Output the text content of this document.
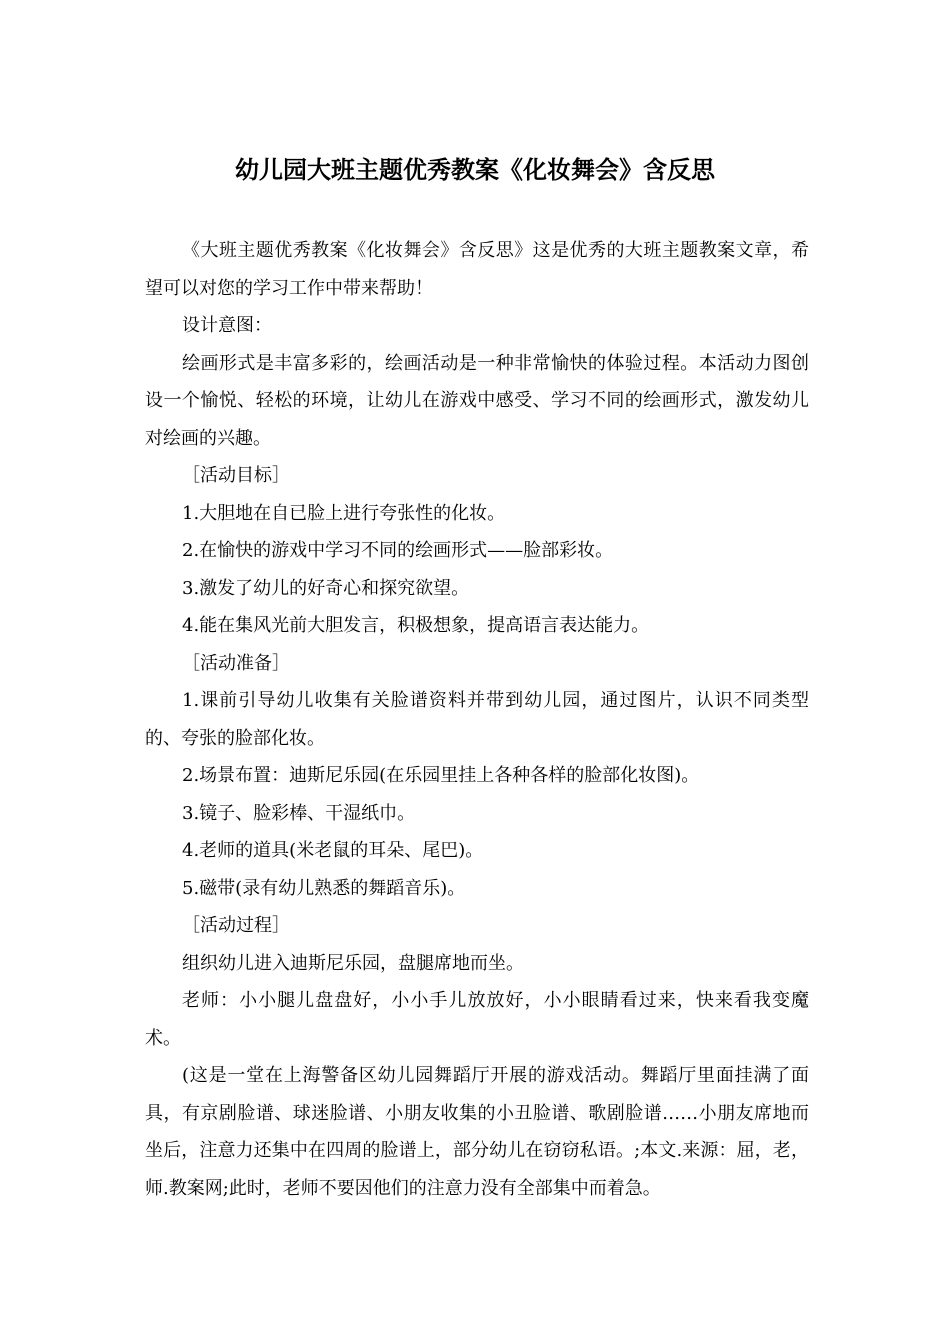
幼儿园大班主题优秀教案《化妆舞会》含反思

《大班主题优秀教案《化妆舞会》含反思》这是优秀的大班主题教案文章，希望可以对您的学习工作中带来帮助！

设计意图：

绘画形式是丰富多彩的，绘画活动是一种非常愉快的体验过程。本活动力图创设一个愉悦、轻松的环境，让幼儿在游戏中感受、学习不同的绘画形式，激发幼儿对绘画的兴趣。

［活动目标］

1.大胆地在自已脸上进行夸张性的化妆。

2.在愉快的游戏中学习不同的绘画形式——脸部彩妆。

3.激发了幼儿的好奇心和探究欲望。

4.能在集风光前大胆发言，积极想象，提高语言表达能力。

［活动准备］

1.课前引导幼儿收集有关脸谱资料并带到幼儿园，通过图片，认识不同类型的、夸张的脸部化妆。

2.场景布置：迪斯尼乐园(在乐园里挂上各种各样的脸部化妆图)。

3.镜子、脸彩棒、干湿纸巾。

4.老师的道具(米老鼠的耳朵、尾巴)。

5.磁带(录有幼儿熟悉的舞蹈音乐)。

［活动过程］

组织幼儿进入迪斯尼乐园，盘腿席地而坐。

老师：小小腿儿盘盘好，小小手儿放放好，小小眼睛看过来，快来看我变魔术。

(这是一堂在上海警备区幼儿园舞蹈厅开展的游戏活动。舞蹈厅里面挂满了面具，有京剧脸谱、球迷脸谱、小朋友收集的小丑脸谱、歌剧脸谱……小朋友席地而坐后，注意力还集中在四周的脸谱上，部分幼儿在窃窃私语。;本文.来源：屈，老，师.教案网;此时，老师不要因他们的注意力没有全部集中而着急。
